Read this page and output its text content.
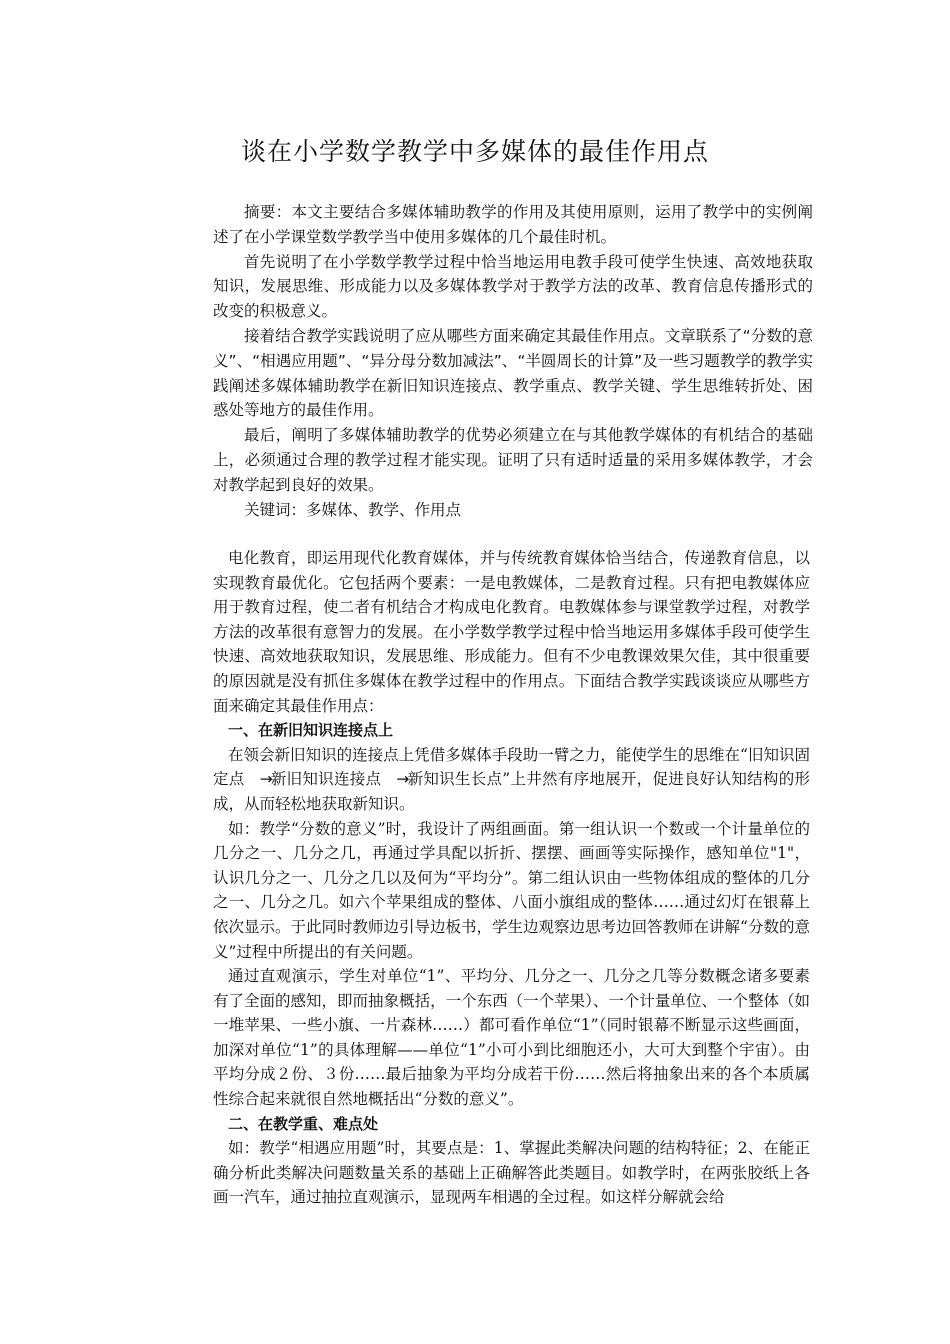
谈在小学数学教学中多媒体的最佳作用点

摘要：本文主要结合多媒体辅助教学的作用及其使用原则，运用了教学中的实例阐述了在小学课堂数学教学当中使用多媒体的几个最佳时机。

首先说明了在小学数学教学过程中恰当地运用电教手段可使学生快速、高效地获取知识，发展思维、形成能力以及多媒体教学对于教学方法的改革、教育信息传播形式的改变的积极意义。

接着结合教学实践说明了应从哪些方面来确定其最佳作用点。文章联系了“分数的意义”、“相遇应用题”、“异分母分数加减法”、“半圆周长的计算”及一些习题教学的教学实践阐述多媒体辅助教学在新旧知识连接点、教学重点、教学关键、学生思维转折处、困惑处等地方的最佳作用。

最后，阐明了多媒体辅助教学的优势必须建立在与其他教学媒体的有机结合的基础上，必须通过合理的教学过程才能实现。证明了只有适时适量的采用多媒体教学，才会对教学起到良好的效果。

关键词：多媒体、教学、作用点

电化教育，即运用现代化教育媒体，并与传统教育媒体恰当结合，传递教育信息，以实现教育最优化。它包括两个要素：一是电教媒体，二是教育过程。只有把电教媒体应用于教育过程，使二者有机结合才构成电化教育。电教媒体参与课堂教学过程，对教学方法的改革很有意智力的发展。在小学数学教学过程中恰当地运用多媒体手段可使学生快速、高效地获取知识，发展思维、形成能力。但有不少电教课效果欠佳，其中很重要的原因就是没有抓住多媒体在教学过程中的作用点。下面结合教学实践谈谈应从哪些方面来确定其最佳作用点：

一、在新旧知识连接点上

在领会新旧知识的连接点上凭借多媒体手段助一臂之力，能使学生的思维在“旧知识固定点 →新旧知识连接点 →新知识生长点”上井然有序地展开，促进良好认知结构的形成，从而轻松地获取新知识。

如：教学“分数的意义”时，我设计了两组画面。第一组认识一个数或一个计量单位的几分之一、几分之几，再通过学具配以折折、摆摆、画画等实际操作，感知单位"1"，认识几分之一、几分之几以及何为“平均分”。第二组认识由一些物体组成的整体的几分之一、几分之几。如六个苹果组成的整体、八面小旗组成的整体……通过幻灯在银幕上依次显示。于此同时教师边引导边板书，学生边观察边思考边回答教师在讲解“分数的意义”过程中所提出的有关问题。

通过直观演示，学生对单位“1”、平均分、几分之一、几分之几等分数概念诸多要素有了全面的感知，即而抽象概括，一个东西（一个苹果）、一个计量单位、一个整体（如一堆苹果、一些小旗、一片森林……）都可看作单位“1”（同时银幕不断显示这些画面，加深对单位“1”的具体理解——单位“1”小可小到比细胞还小，大可大到整个宇宙）。由平均分成２份、３份……最后抽象为平均分成若干份……然后将抽象出来的各个本质属性综合起来就很自然地概括出“分数的意义”。

二、在教学重、难点处

如：教学“相遇应用题”时，其要点是：1、掌握此类解决问题的结构特征；2、在能正确分析此类解决问题数量关系的基础上正确解答此类题目。如教学时，在两张胶纸上各画一汽车，通过抽拉直观演示，显现两车相遇的全过程。如这样分解就会给
